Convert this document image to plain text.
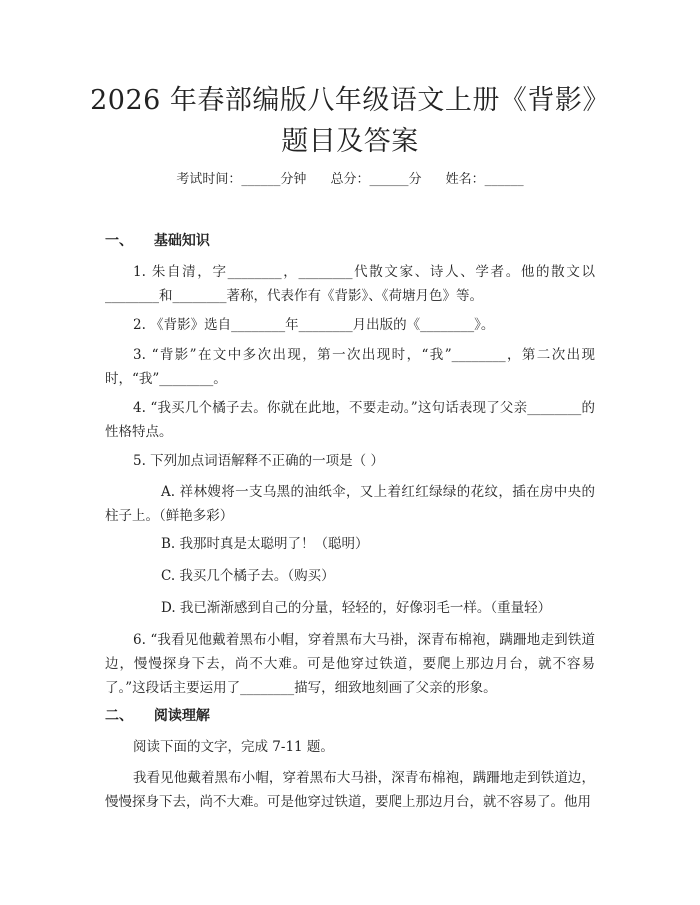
2026 年春部编版八年级语文上册《背影》题目及答案
考试时间：______分钟 总分：______分 姓名：______
一、 基础知识
1. 朱自清，字________，________代散文家、诗人、学者。他的散文以________和________著称，代表作有《背影》、《荷塘月色》等。
2. 《背影》选自________年________月出版的《________》。
3. “背影”在文中多次出现，第一次出现时，“我”________，第二次出现时，“我”________。
4. “我买几个橘子去。你就在此地，不要走动。”这句话表现了父亲________的性格特点。
5. 下列加点词语解释不正确的一项是（ ）
A. 祥林嫂将一支乌黑的油纸伞，又上着红红绿绿的花纹，插在房中央的柱子上。（鲜艳多彩）
B. 我那时真是太聪明了！（聪明）
C. 我买几个橘子去。（购买）
D. 我已渐渐感到自己的分量，轻轻的，好像羽毛一样。（重量轻）
6. “我看见他戴着黑布小帽，穿着黑布大马褂，深青布棉袍，蹒跚地走到铁道边，慢慢探身下去，尚不大难。可是他穿过铁道，要爬上那边月台，就不容易了。”这段话主要运用了________描写，细致地刻画了父亲的形象。
二、 阅读理解
阅读下面的文字，完成 7-11 题。
我看见他戴着黑布小帽，穿着黑布大马褂，深青布棉袍，蹒跚地走到铁道边，慢慢探身下去，尚不大难。可是他穿过铁道，要爬上那边月台，就不容易了。他用
